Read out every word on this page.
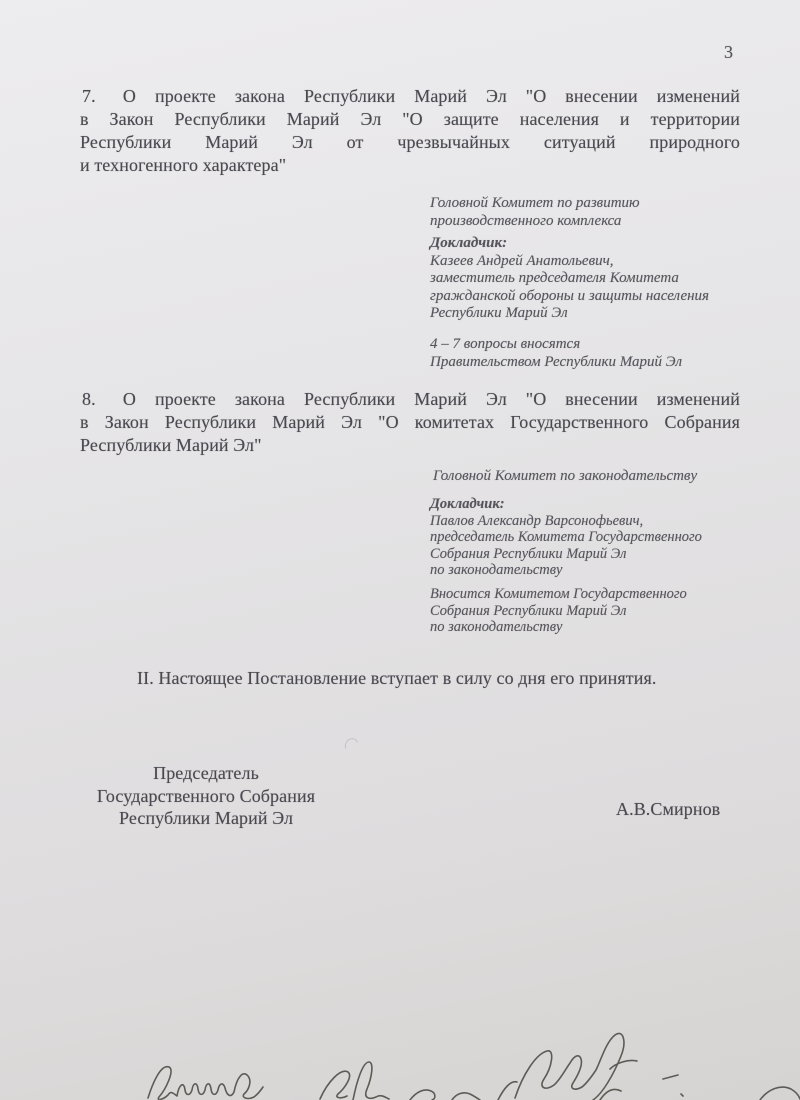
3
7.  О проекте закона Республики Марий Эл "О внесении изменений
в Закон Республики Марий Эл "О защите населения и территории
Республики Марий Эл от чрезвычайных ситуаций природного
и техногенного характера"
Головной Комитет по развитию
производственного комплекса
Докладчик:
Казеев Андрей Анатольевич,
заместитель председателя Комитета
гражданской обороны и защиты населения
Республики Марий Эл
4 – 7 вопросы вносятся
Правительством Республики Марий Эл
8.  О проекте закона Республики Марий Эл "О внесении изменений
в Закон Республики Марий Эл "О комитетах Государственного Собрания
Республики Марий Эл"
Головной Комитет по законодательству
Докладчик:
Павлов Александр Варсонофьевич,
председатель Комитета Государственного
Собрания Республики Марий Эл
по законодательству
Вносится Комитетом Государственного
Собрания Республики Марий Эл
по законодательству
II. Настоящее Постановление вступает в силу со дня его принятия.
Председатель
Государственного Собрания
Республики Марий Эл	А.В.Смирнов
